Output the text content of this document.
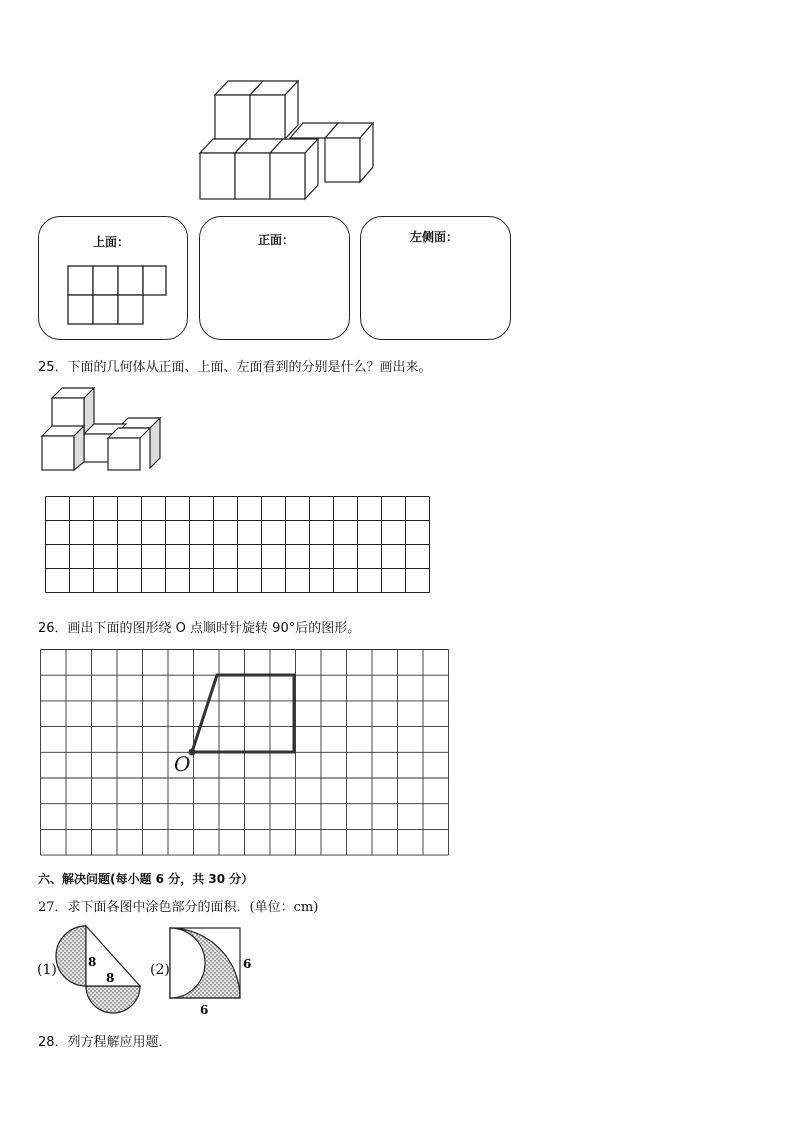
上面：	正面：	左侧面：
25．下面的几何体从正面、上面、左面看到的分别是什么？画出来。
26．画出下面的图形绕 O 点顺时针旋转 90°后的图形。
O
六、解决问题(每小题 6 分，共 30 分）
27．求下面各图中涂色部分的面积．(单位：cm)
(1)	8
8	(2)	6
6
28．列方程解应用题．
